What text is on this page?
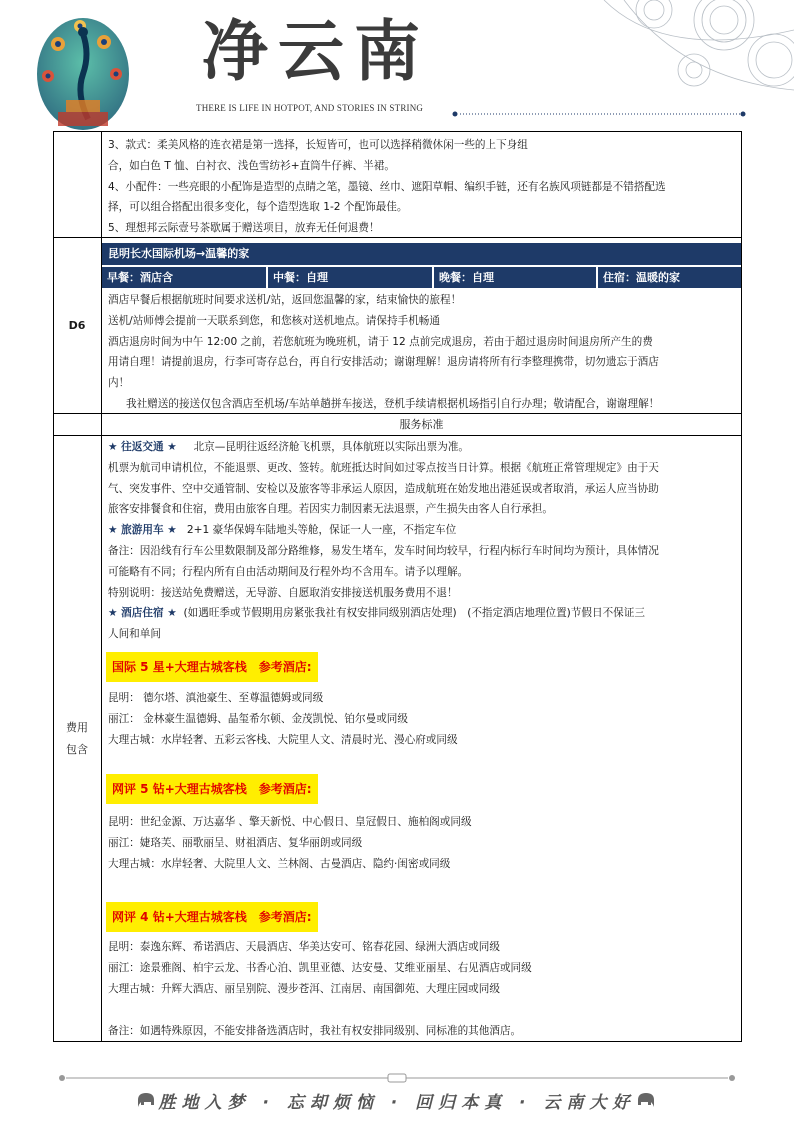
净云南
THERE IS LIFE IN HOTPOT, AND STORIES IN STRING

3、款式：柔美风格的连衣裙是第一选择，长短皆可，也可以选择稍微休闲一些的上下身组

合，如白色 T 恤、白衬衣、浅色雪纺衫+直筒牛仔裤、半裙。

4、小配件：一些亮眼的小配饰是造型的点睛之笔，墨镜、丝巾、遮阳草帽、编织手链，还有名族风项链都是不错搭配选

择，可以组合搭配出很多变化，每个造型选取 1-2 个配饰最佳。

5、理想邦云际壹号茶歇属于赠送项目，放弃无任何退费！

D6
昆明长水国际机场→温馨的家
早餐：酒店含	中餐：自理	晚餐：自理	住宿：温暖的家

酒店早餐后根据航班时间要求送机/站，返回您温馨的家，结束愉快的旅程！

送机/站师傅会提前一天联系到您，和您核对送机地点。请保持手机畅通

酒店退房时间为中午 12:00 之前，若您航班为晚班机，请于 12 点前完成退房，若由于超过退房时间退房所产生的费

用请自理！请提前退房，行李可寄存总台，再自行安排活动；谢谢理解！退房请将所有行李整理携带，切勿遗忘于酒店

内！

我社赠送的接送仅包含酒店至机场/车站单趟拼车接送，登机手续请根据机场指引自行办理；敬请配合，谢谢理解！

服务标准
费用包含

★ 往返交通 ★ 北京—昆明往返经济舱飞机票，具体航班以实际出票为准。

机票为航司申请机位，不能退票、更改、签转。航班抵达时间如过零点按当日计算。根据《航班正常管理规定》由于天

气、突发事件、空中交通管制、安检以及旅客等非承运人原因，造成航班在始发地出港延误或者取消，承运人应当协助

旅客安排餐食和住宿，费用由旅客自理。若因实力制因素无法退票，产生损失由客人自行承担。

★ 旅游用车 ★ 2+1 豪华保姆车陆地头等舱，保证一人一座，不指定车位

备注：因沿线有行车公里数限制及部分路维修，易发生堵车，发车时间均较早，行程内标行车时间均为预计，具体情况

可能略有不同；行程内所有自由活动期间及行程外均不含用车。请予以理解。

特别说明：接送站免费赠送，无导游、自愿取消安排接送机服务费用不退！

★ 酒店住宿 ★ (如遇旺季或节假期用房紧张我社有权安排同级别酒店处理)　(不指定酒店地理位置)节假日不保证三

人间和单间

国际 5 星+大理古城客栈　参考酒店:

昆明： 德尔塔、滇池豪生、至尊温德姆或同级

丽江： 金林豪生温德姆、晶玺希尔顿、金茂凯悦、铂尔曼或同级

大理古城：水岸轻奢、五彩云客栈、大院里人文、清晨时光、漫心府或同级

网评 5 钻+大理古城客栈　参考酒店:

昆明：世纪金源、万达嘉华 、擎天新悦、中心假日、皇冠假日、施柏阁或同级

丽江：婕珞芙、丽歌丽呈、财祖酒店、复华丽朗或同级

大理古城：水岸轻奢、大院里人文、兰林阁、古曼酒店、隐约·闺密或同级

网评 4 钻+大理古城客栈　参考酒店:

昆明：泰逸东辉、希诺酒店、天晨酒店、华美达安可、铭春花园、绿洲大酒店或同级

丽江：途景雅阁、柏宇云龙、书香心泊、凯里亚德、达安曼、艾维亚丽星、右见酒店或同级

大理古城：升辉大酒店、丽呈别院、漫步苍洱、江南居、南国御苑、大理庄园或同级

备注：如遇特殊原因，不能安排备选酒店时，我社有权安排同级别、同标准的其他酒店。
胜地入梦 · 忘却烦恼 · 回归本真 · 云南大好
